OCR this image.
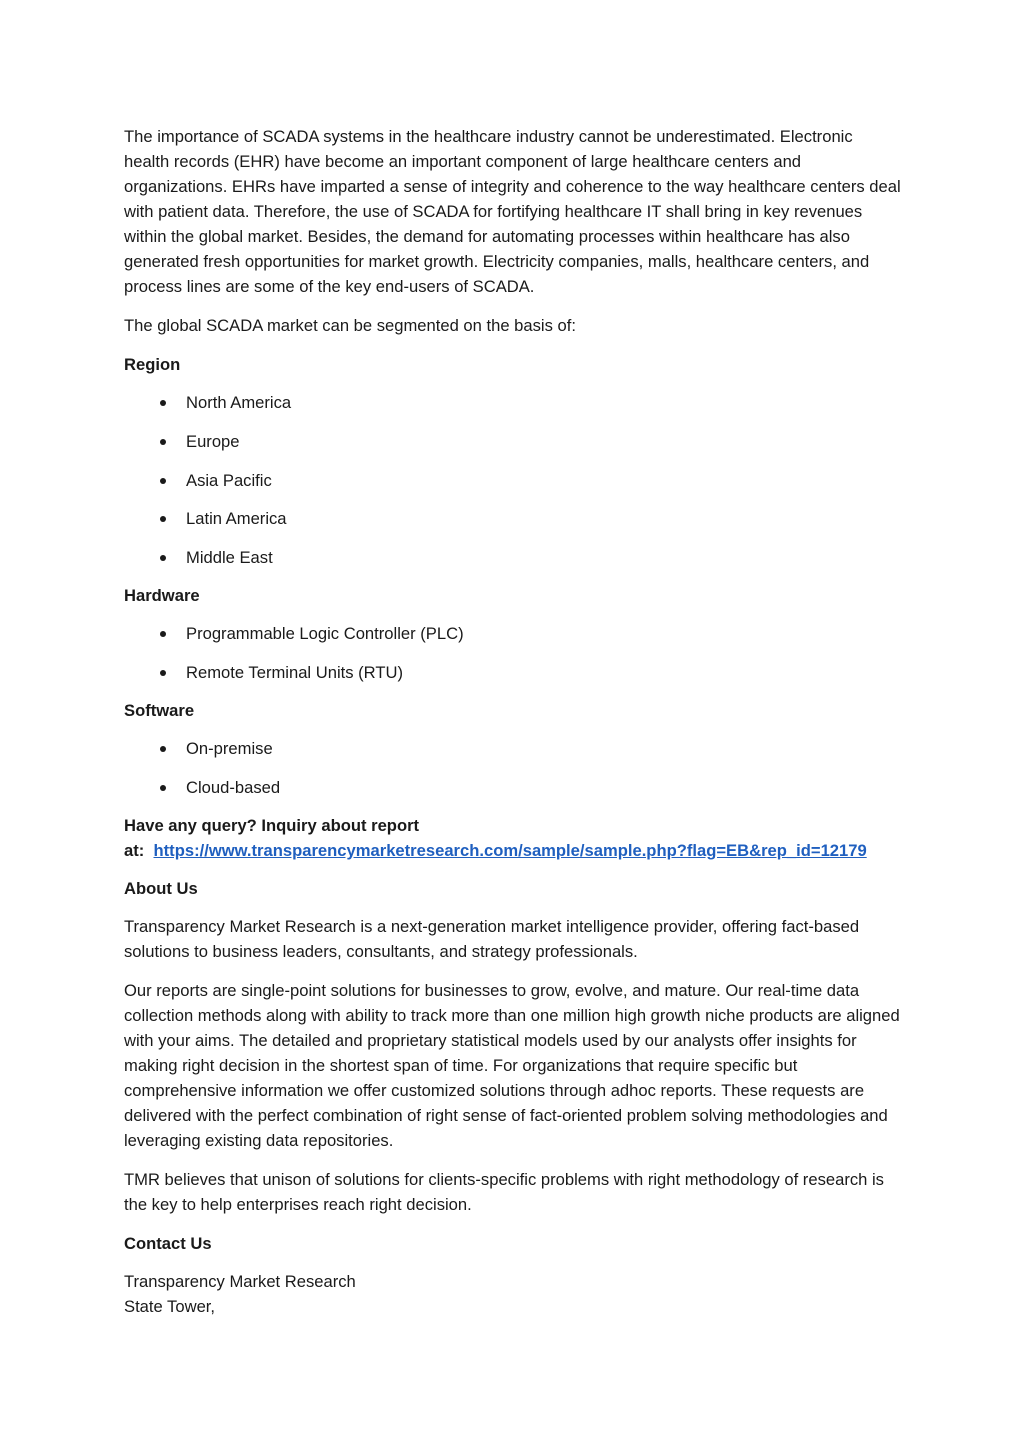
The importance of SCADA systems in the healthcare industry cannot be underestimated. Electronic health records (EHR) have become an important component of large healthcare centers and organizations. EHRs have imparted a sense of integrity and coherence to the way healthcare centers deal with patient data. Therefore, the use of SCADA for fortifying healthcare IT shall bring in key revenues within the global market. Besides, the demand for automating processes within healthcare has also generated fresh opportunities for market growth. Electricity companies, malls, healthcare centers, and process lines are some of the key end-users of SCADA.

The global SCADA market can be segmented on the basis of:

Region
North America
Europe
Asia Pacific
Latin America
Middle East
Hardware
Programmable Logic Controller (PLC)
Remote Terminal Units (RTU)
Software
On-premise
Cloud-based
Have any query? Inquiry about report
at: https://www.transparencymarketresearch.com/sample/sample.php?flag=EB&rep_id=12179
About Us

Transparency Market Research is a next-generation market intelligence provider, offering fact-based solutions to business leaders, consultants, and strategy professionals.

Our reports are single-point solutions for businesses to grow, evolve, and mature. Our real-time data collection methods along with ability to track more than one million high growth niche products are aligned with your aims. The detailed and proprietary statistical models used by our analysts offer insights for making right decision in the shortest span of time. For organizations that require specific but comprehensive information we offer customized solutions through adhoc reports. These requests are delivered with the perfect combination of right sense of fact-oriented problem solving methodologies and leveraging existing data repositories.

TMR believes that unison of solutions for clients-specific problems with right methodology of research is the key to help enterprises reach right decision.

Contact Us
Transparency Market Research
State Tower,
